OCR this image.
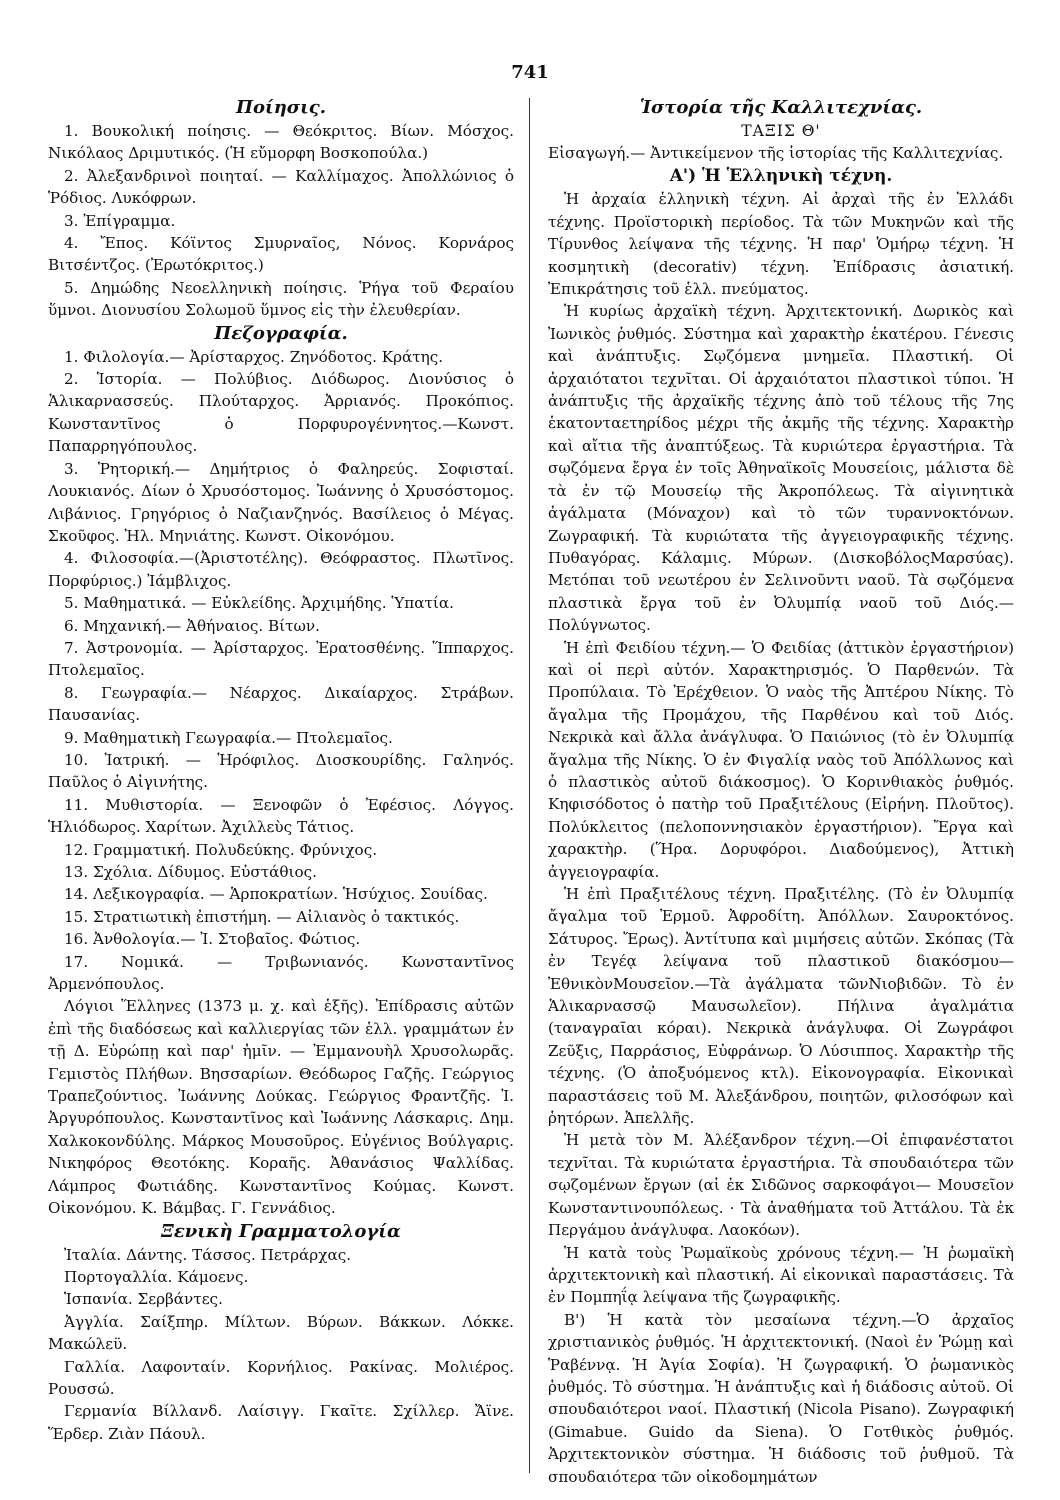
741
Ποίησις.

1. Βουκολική ποίησις. — Θεόκριτος. Βίων. Μόσχος. Νικόλαος Δριμυτικός. (Ἡ εὔμορφη Βοσκοπούλα.)

2. Ἀλεξανδρινοὶ ποιηταί. — Καλλίμαχος. Ἀπολλώνιος ὁ Ῥόδιος. Λυκόφρων.

3. Ἐπίγραμμα.

4. Ἔπος. Κόϊντος Σμυρναῖος, Νόνος. Κορνάρος Βιτσέντζος. (Ἐρωτόκριτος.)

5. Δημώδης Νεοελληνικὴ ποίησις. Ῥήγα τοῦ Φεραίου ὕμνοι. Διονυσίου Σολωμοῦ ὕμνος εἰς τὴν ἐλευθερίαν.

Πεζογραφία.

1. Φιλολογία.— Ἀρίσταρχος. Ζηνόδοτος. Κράτης.

2. Ἱστορία. — Πολύβιος. Διόδωρος. Διονύσιος ὁ Ἁλικαρνασσεύς. Πλούταρχος. Ἀρριανός. Προκόπιος. Κωνσταντῖνος ὁ Πορφυρογέννητος.—Κωνστ. Παπαρρηγόπουλος.

3. Ῥητορική.— Δημήτριος ὁ Φαληρεύς. Σοφισταί. Λουκιανός. Δίων ὁ Χρυσόστομος. Ἰωάννης ὁ Χρυσόστομος. Λιβάνιος. Γρηγόριος ὁ Ναζιανζηνός. Βασίλειος ὁ Μέγας. Σκοῦφος. Ἠλ. Μηνιάτης. Κωνστ. Οἰκονόμου.

4. Φιλοσοφία.—(Ἀριστοτέλης). Θεόφραστος. Πλωτῖνος. Πορφύριος.) Ἰάμβλιχος.

5. Μαθηματικά. — Εὐκλείδης. Ἀρχιμήδης. Ὑπατία.

6. Μηχανική.— Ἀθήναιος. Βίτων.

7. Ἀστρονομία. — Ἀρίσταρχος. Ἐρατοσθένης. Ἵππαρχος. Πτολεμαῖος.

8. Γεωγραφία.— Νέαρχος. Δικαίαρχος. Στράβων. Παυσανίας.

9. Μαθηματικὴ Γεωγραφία.— Πτολεμαῖος.

10. Ἰατρική. — Ἡρόφιλος. Διοσκουρίδης. Γαληνός. Παῦλος ὁ Αἰγινήτης.

11. Μυθιστορία. — Ξενοφῶν ὁ Ἐφέσιος. Λόγγος. Ἡλιόδωρος. Χαρίτων. Ἀχιλλεὺς Τάτιος.

12. Γραμματική. Πολυδεύκης. Φρύνιχος.

13. Σχόλια. Δίδυμος. Εὐστάθιος.

14. Λεξικογραφία. — Ἁρποκρατίων. Ἡσύχιος. Σουίδας.

15. Στρατιωτικὴ ἐπιστήμη. — Αἰλιανὸς ὁ τακτικός.

16. Ἀνθολογία.— Ἰ. Στοβαῖος. Φώτιος.

17. Νομικά. — Τριβωνιανός. Κωνσταντῖνος Ἀρμενόπουλος.

Λόγιοι Ἕλληνες (1373 μ. χ. καὶ ἑξῆς). Ἐπίδρασις αὐτῶν ἐπὶ τῆς διαδόσεως καὶ καλλιεργίας τῶν ἑλλ. γραμμάτων ἐν τῇ Δ. Εὐρώπῃ καὶ παρ' ἡμῖν. — Ἐμμανουὴλ Χρυσολωρᾶς. Γεμιστὸς Πλήθων. Βησσαρίων. Θεόδωρος Γαζῆς. Γεώργιος Τραπεζούντιος. Ἰωάννης Δούκας. Γεώργιος Φραντζῆς. Ἰ. Ἀργυρόπουλος. Κωνσταντῖνος καὶ Ἰωάννης Λάσκαρις. Δημ. Χαλκοκονδύλης. Μάρκος Μουσοῦρος. Εὐγένιος Βούλγαρις. Νικηφόρος Θεοτόκης. Κοραῆς. Ἀθανάσιος Ψαλλίδας. Λάμπρος Φωτιάδης. Κωνσταντῖνος Κούμας. Κωνστ. Οἰκονόμου. Κ. Βάμβας. Γ. Γεννάδιος.

Ξενικὴ Γραμματολογία

Ἰταλία. Δάντης. Τάσσος. Πετράρχας.

Πορτογαλλία. Κάμοενς.

Ἱσπανία. Σερβάντες.

Ἀγγλία. Σαίξπηρ. Μίλτων. Βύρων. Βάκκων. Λόκκε. Μακώλεϋ.

Γαλλία. Λαφονταίν. Κορνήλιος. Ρακίνας. Μολιέρος. Ρουσσώ.

Γερμανία Βίλλανδ. Λαίσιγγ. Γκαῖτε. Σχίλλερ. Ἄϊνε. Ἕρδερ. Ζιὰν Πάουλ.

Ἱστορία τῆς Καλλιτεχνίας.
ΤΑΞΙΣ Θ'

Εἰσαγωγή.— Ἀντικείμενον τῆς ἱστορίας τῆς Καλλιτεχνίας.

Α') Ἡ Ἑλληνικὴ τέχνη.

Ἡ ἀρχαία ἑλληνικὴ τέχνη. Αἱ ἀρχαὶ τῆς ἐν Ἑλλάδι τέχνης. Προϊστορικὴ περίοδος. Τὰ τῶν Μυκηνῶν καὶ τῆς Τίρυνθος λείψανα τῆς τέχνης. Ἡ παρ' Ὁμήρῳ τέχνη. Ἡ κοσμητικὴ (decorativ) τέχνη. Ἐπίδρασις ἀσιατική. Ἐπικράτησις τοῦ ἑλλ. πνεύματος.

Ἡ κυρίως ἀρχαϊκὴ τέχνη. Ἀρχιτεκτονική. Δωρικὸς καὶ Ἰωνικὸς ῥυθμός. Σύστημα καὶ χαρακτὴρ ἑκατέρου. Γένεσις καὶ ἀνάπτυξις. Σῳζόμενα μνημεῖα. Πλαστική. Οἱ ἀρχαιότατοι τεχνῖται. Οἱ ἀρχαιότατοι πλαστικοὶ τύποι. Ἡ ἀνάπτυξις τῆς ἀρχαϊκῆς τέχνης ἀπὸ τοῦ τέλους τῆς 7ης ἑκατονταετηρίδος μέχρι τῆς ἀκμῆς τῆς τέχνης. Χαρακτὴρ καὶ αἴτια τῆς ἀναπτύξεως. Τὰ κυριώτερα ἐργαστήρια. Τὰ σῳζόμενα ἔργα ἐν τοῖς Ἀθηναϊκοῖς Μουσείοις, μάλιστα δὲ τὰ ἐν τῷ Μουσείῳ τῆς Ἀκροπόλεως. Τὰ αἰγινητικὰ ἀγάλματα (Μόναχον) καὶ τὸ τῶν τυραννοκτόνων. Ζωγραφική. Τὰ κυριώτατα τῆς ἀγγειογραφικῆς τέχνης. Πυθαγόρας. Κάλαμις. Μύρων. (ΔισκοβόλοςΜαρσύας). Μετόπαι τοῦ νεωτέρου ἐν Σελινοῦντι ναοῦ. Τὰ σῳζόμενα πλαστικὰ ἔργα τοῦ ἐν Ὀλυμπίᾳ ναοῦ τοῦ Διός.—Πολύγνωτος.

Ἡ ἐπὶ Φειδίου τέχνη.— Ὁ Φειδίας (ἀττικὸν ἐργαστήριον) καὶ οἱ περὶ αὐτόν. Χαρακτηρισμός. Ὁ Παρθενών. Τὰ Προπύλαια. Τὸ Ἐρέχθειον. Ὁ ναὸς τῆς Ἀπτέρου Νίκης. Τὸ ἄγαλμα τῆς Προμάχου, τῆς Παρθένου καὶ τοῦ Διός. Νεκρικὰ καὶ ἄλλα ἀνάγλυφα. Ὁ Παιώνιος (τὸ ἐν Ὀλυμπίᾳ ἄγαλμα τῆς Νίκης. Ὁ ἐν Φιγαλίᾳ ναὸς τοῦ Ἀπόλλωνος καὶ ὁ πλαστικὸς αὐτοῦ διάκοσμος). Ὁ Κορινθιακὸς ῥυθμός. Κηφισόδοτος ὁ πατὴρ τοῦ Πραξιτέλους (Εἰρήνη. Πλοῦτος). Πολύκλειτος (πελοποννησιακὸν ἐργαστήριον). Ἔργα καὶ χαρακτὴρ. (Ἥρα. Δορυφόροι. Διαδούμενος), Ἀττικὴ ἀγγειογραφία.

Ἡ ἐπὶ Πραξιτέλους τέχνη. Πραξιτέλης. (Τὸ ἐν Ὀλυμπίᾳ ἄγαλμα τοῦ Ἑρμοῦ. Ἀφροδίτη. Ἀπόλλων. Σαυροκτόνος. Σάτυρος. Ἔρως). Ἀντίτυπα καὶ μιμήσεις αὐτῶν. Σκόπας (Τὰ ἐν Τεγέᾳ λείψανα τοῦ πλαστικοῦ διακόσμου—ἘθνικὸνΜουσεῖον.—Τὰ ἀγάλματα τῶνΝιοβιδῶν. Τὸ ἐν Ἁλικαρνασσῷ Μαυσωλεῖον). Πήλινα ἀγαλμάτια (ταναγραῖαι κόραι). Νεκρικὰ ἀνάγλυφα. Οἱ Ζωγράφοι Ζεῦξις, Παρράσιος, Εὐφράνωρ. Ὁ Λύσιππος. Χαρακτὴρ τῆς τέχνης. (Ὁ ἀποξυόμενος κτλ). Εἰκονογραφία. Εἰκονικαὶ παραστάσεις τοῦ Μ. Ἀλεξάνδρου, ποιητῶν, φιλοσόφων καὶ ῥητόρων. Ἀπελλῆς.

Ἡ μετὰ τὸν Μ. Ἀλέξανδρον τέχνη.—Οἱ ἐπιφανέστατοι τεχνῖται. Τὰ κυριώτατα ἐργαστήρια. Τὰ σπουδαιότερα τῶν σῳζομένων ἔργων (αἱ ἐκ Σιδῶνος σαρκοφάγοι— Μουσεῖον Κωνσταντινουπόλεως. · Τὰ ἀναθήματα τοῦ Ἀττάλου. Τὰ ἐκ Περγάμου ἀνάγλυφα. Λαοκόων).

Ἡ κατὰ τοὺς Ῥωμαϊκοὺς χρόνους τέχνη.— Ἡ ῥωμαϊκὴ ἀρχιτεκτονικὴ καὶ πλαστική. Αἱ εἰκονικαὶ παραστάσεις. Τὰ ἐν Πομπηΐᾳ λείψανα τῆς ζωγραφικῆς.

Β') Ἡ κατὰ τὸν μεσαίωνα τέχνη.—Ὁ ἀρχαῖος χριστιανικὸς ῥυθμός. Ἡ ἀρχιτεκτονική. (Ναοὶ ἐν Ῥώμῃ καὶ Ῥαβέννᾳ. Ἡ Ἁγία Σοφία). Ἡ ζωγραφική. Ὁ ῥωμανικὸς ῥυθμός. Τὸ σύστημα. Ἡ ἀνάπτυξις καὶ ἡ διάδοσις αὐτοῦ. Οἱ σπουδαιότεροι ναοί. Πλαστική (Nicola Pisano). Ζωγραφική (Gimabue. Guido da Siena). Ὁ Γοτθικὸς ῥυθμός. Ἀρχιτεκτονικὸν σύστημα. Ἡ διάδοσις τοῦ ῥυθμοῦ. Τὰ σπουδαιότερα τῶν οἰκοδομημάτων
